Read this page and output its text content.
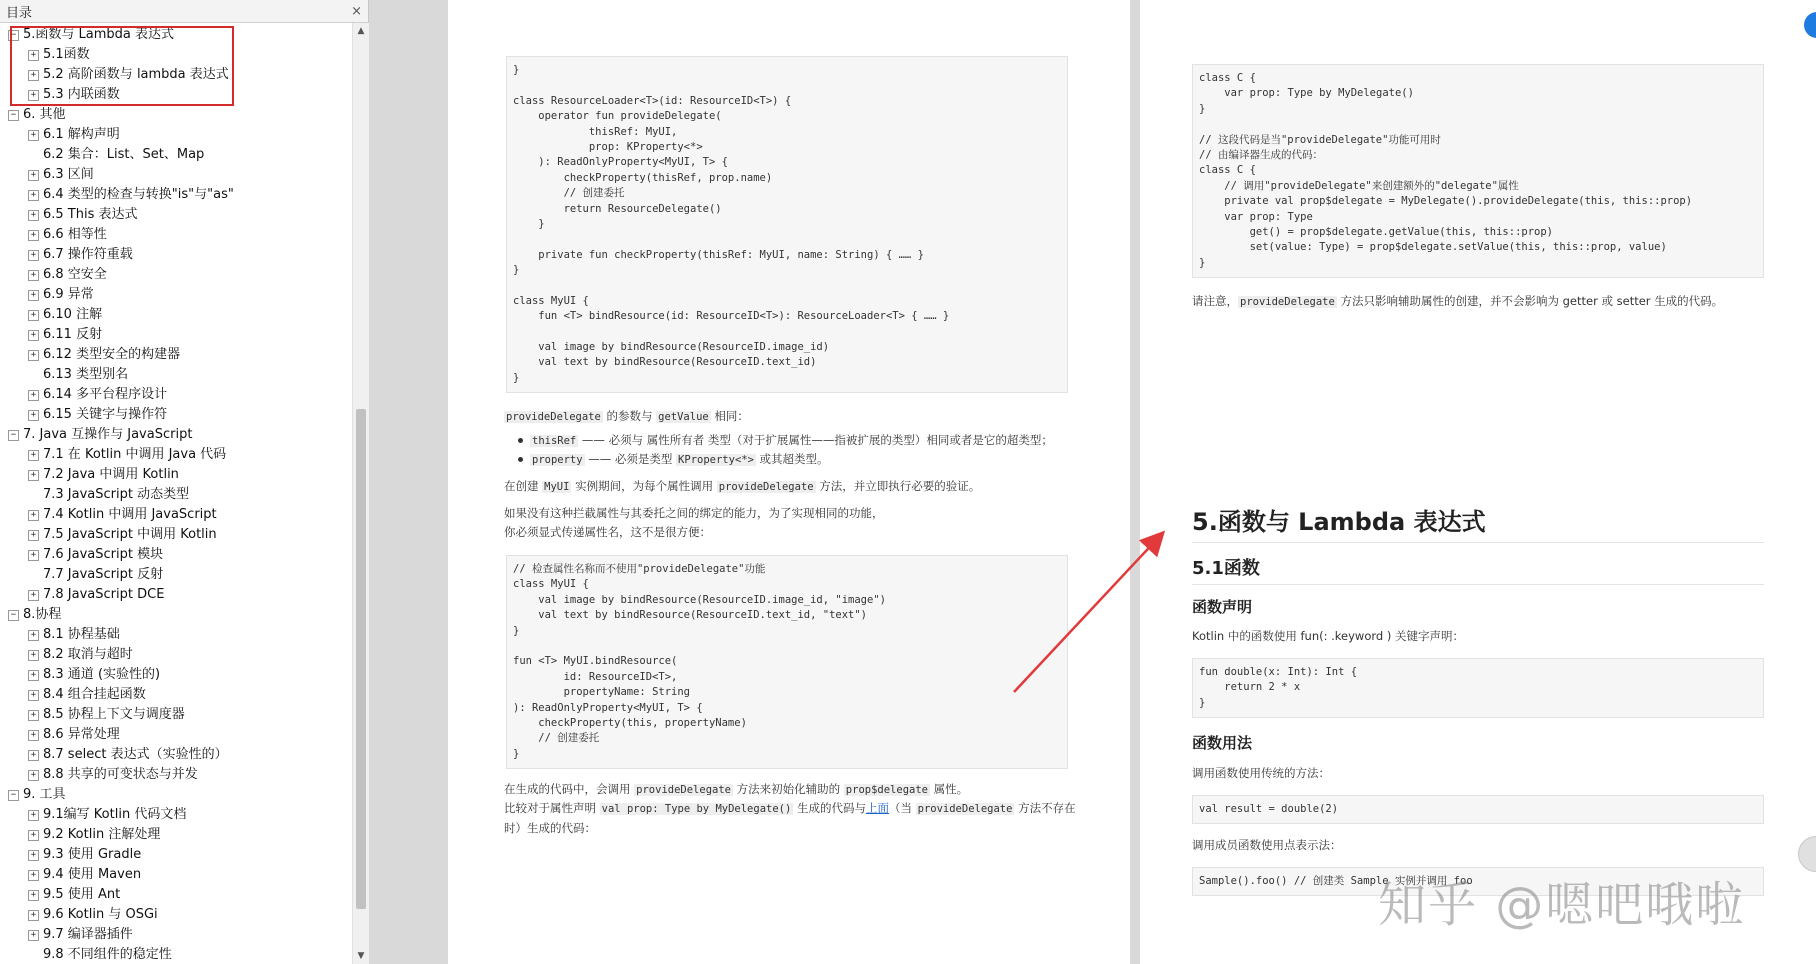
目录	×
− 5.函数与 Lambda 表达式
+ 5.1函数
+ 5.2 高阶函数与 lambda 表达式
+ 5.3 内联函数
− 6. 其他
+ 6.1 解构声明
6.2 集合：List、Set、Map
+ 6.3 区间
+ 6.4 类型的检查与转换"is"与"as"
+ 6.5 This 表达式
+ 6.6 相等性
+ 6.7 操作符重载
+ 6.8 空安全
+ 6.9 异常
+ 6.10 注解
+ 6.11 反射
+ 6.12 类型安全的构建器
6.13 类型别名
+ 6.14 多平台程序设计
+ 6.15 关键字与操作符
− 7. Java 互操作与 JavaScript
+ 7.1 在 Kotlin 中调用 Java 代码
+ 7.2 Java 中调用 Kotlin
7.3 JavaScript 动态类型
+ 7.4 Kotlin 中调用 JavaScript
+ 7.5 JavaScript 中调用 Kotlin
+ 7.6 JavaScript 模块
7.7 JavaScript 反射
+ 7.8 JavaScript DCE
− 8.协程
+ 8.1 协程基础
+ 8.2 取消与超时
+ 8.3 通道 (实验性的)
+ 8.4 组合挂起函数
+ 8.5 协程上下文与调度器
+ 8.6 异常处理
+ 8.7 select 表达式（实验性的）
+ 8.8 共享的可变状态与并发
− 9. 工具
+ 9.1编写 Kotlin 代码文档
+ 9.2 Kotlin 注解处理
+ 9.3 使用 Gradle
+ 9.4 使用 Maven
+ 9.5 使用 Ant
+ 9.6 Kotlin 与 OSGi
+ 9.7 编译器插件
9.8 不同组件的稳定性
▲
▼
}
class ResourceLoader<T>(id: ResourceID<T>) {
operator fun provideDelegate(
thisRef: MyUI,
prop: KProperty<*>
): ReadOnlyProperty<MyUI, T> {
checkProperty(thisRef, prop.name)
// 创建委托
return ResourceDelegate()
}
private fun checkProperty(thisRef: MyUI, name: String) { …… }
}
class MyUI {
fun <T> bindResource(id: ResourceID<T>): ResourceLoader<T> { …… }
val image by bindResource(ResourceID.image_id)
val text by bindResource(ResourceID.text_id)
}
provideDelegate 的参数与 getValue 相同：
thisRef —— 必须与 属性所有者 类型（对于扩展属性——指被扩展的类型）相同或者是它的超类型；
property —— 必须是类型 KProperty<*> 或其超类型。
在创建 MyUI 实例期间，为每个属性调用 provideDelegate 方法，并立即执行必要的验证。
如果没有这种拦截属性与其委托之间的绑定的能力，为了实现相同的功能，
你必须显式传递属性名，这不是很方便：
// 检查属性名称而不使用"provideDelegate"功能
class MyUI {
val image by bindResource(ResourceID.image_id, "image")
val text by bindResource(ResourceID.text_id, "text")
}
fun <T> MyUI.bindResource(
id: ResourceID<T>,
propertyName: String
): ReadOnlyProperty<MyUI, T> {
checkProperty(this, propertyName)
// 创建委托
}
在生成的代码中，会调用 provideDelegate 方法来初始化辅助的 prop$delegate 属性。
比较对于属性声明 val prop: Type by MyDelegate() 生成的代码与上面（当 provideDelegate 方法不存在
时）生成的代码：
class C {
var prop: Type by MyDelegate()
}
// 这段代码是当"provideDelegate"功能可用时
// 由编译器生成的代码：
class C {
// 调用"provideDelegate"来创建额外的"delegate"属性
private val prop$delegate = MyDelegate().provideDelegate(this, this::prop)
var prop: Type
get() = prop$delegate.getValue(this, this::prop)
set(value: Type) = prop$delegate.setValue(this, this::prop, value)
}
请注意， provideDelegate 方法只影响辅助属性的创建，并不会影响为 getter 或 setter 生成的代码。
5.函数与 Lambda 表达式
5.1函数
函数声明
Kotlin 中的函数使用 fun(: .keyword ) 关键字声明：
fun double(x: Int): Int {
return 2 * x
}
函数用法
调用函数使用传统的方法：
val result = double(2)
调用成员函数使用点表示法：
Sample().foo() // 创建类 Sample 实例并调用 foo
知乎 @嗯吧哦啦
